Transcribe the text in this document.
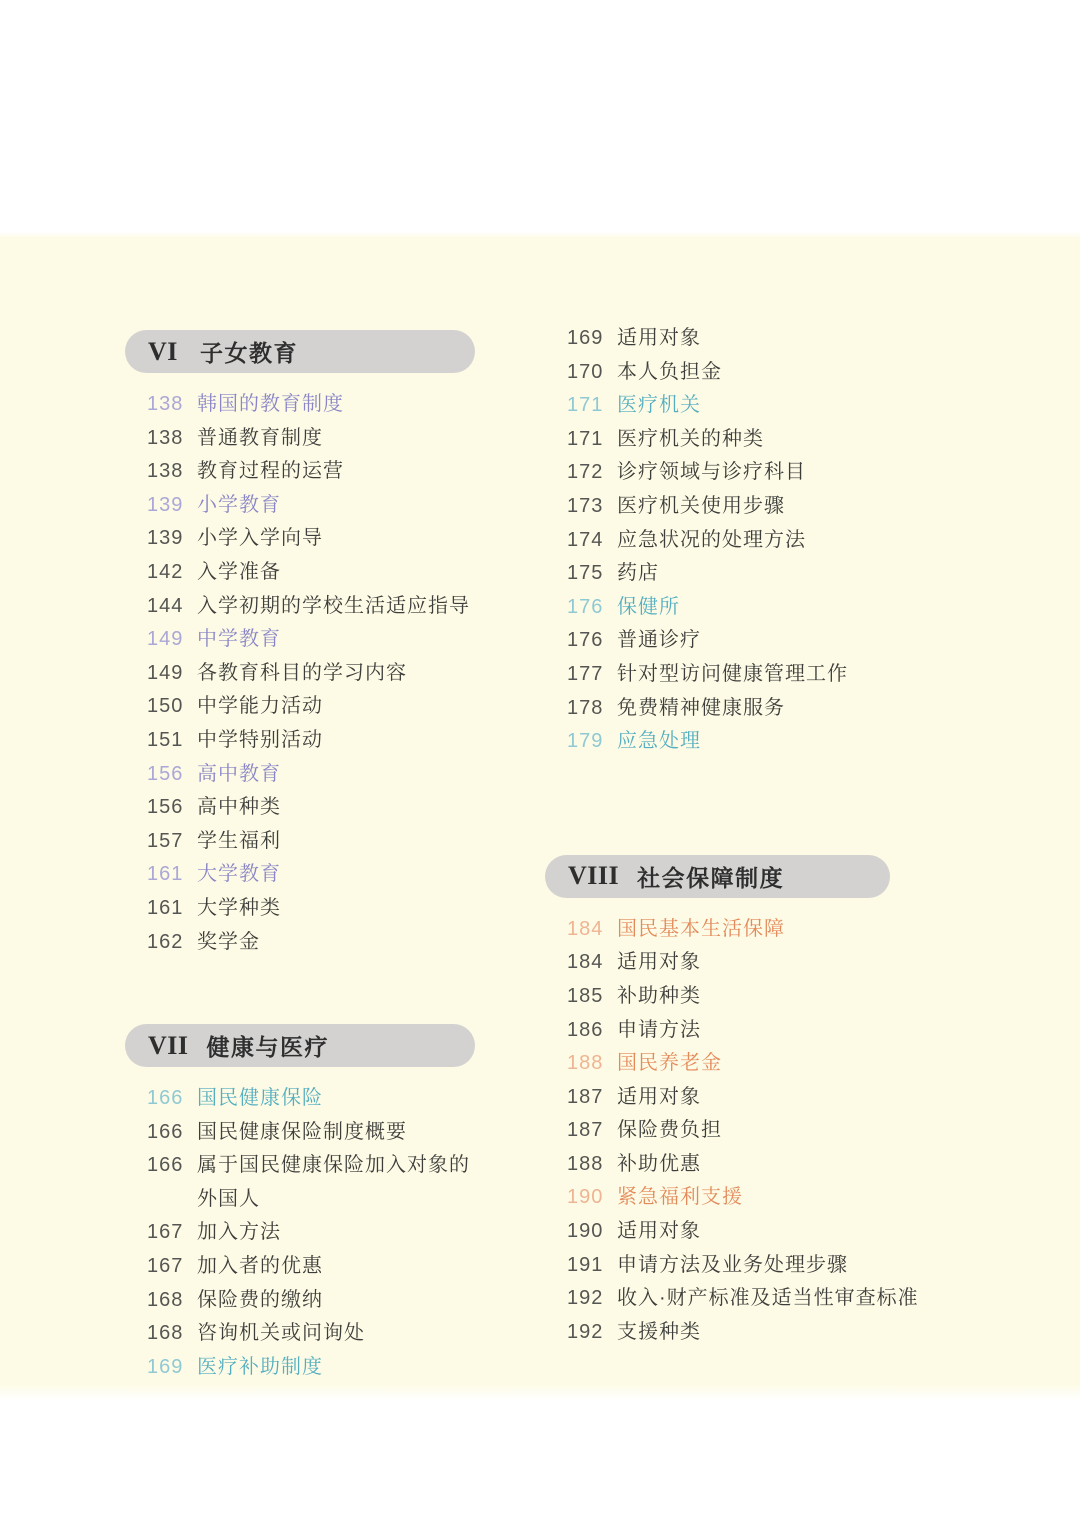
VI 子女教育
138 韩国的教育制度
138 普通教育制度
138 教育过程的运营
139 小学教育
139 小学入学向导
142 入学准备
144 入学初期的学校生活适应指导
149 中学教育
149 各教育科目的学习内容
150 中学能力活动
151 中学特别活动
156 高中教育
156 高中种类
157 学生福利
161 大学教育
161 大学种类
162 奖学金
VII 健康与医疗
166 国民健康保险
166 国民健康保险制度概要
166 属于国民健康保险加入对象的外国人
167 加入方法
167 加入者的优惠
168 保险费的缴纳
168 咨询机关或问询处
169 医疗补助制度
169 适用对象
170 本人负担金
171 医疗机关
171 医疗机关的种类
172 诊疗领域与诊疗科目
173 医疗机关使用步骤
174 应急状况的处理方法
175 药店
176 保健所
176 普通诊疗
177 针对型访问健康管理工作
178 免费精神健康服务
179 应急处理
VIII 社会保障制度
184 国民基本生活保障
184 适用对象
185 补助种类
186 申请方法
188 国民养老金
187 适用对象
187 保险费负担
188 补助优惠
190 紧急福利支援
190 适用对象
191 申请方法及业务处理步骤
192 收入·财产标准及适当性审查标准
192 支援种类
